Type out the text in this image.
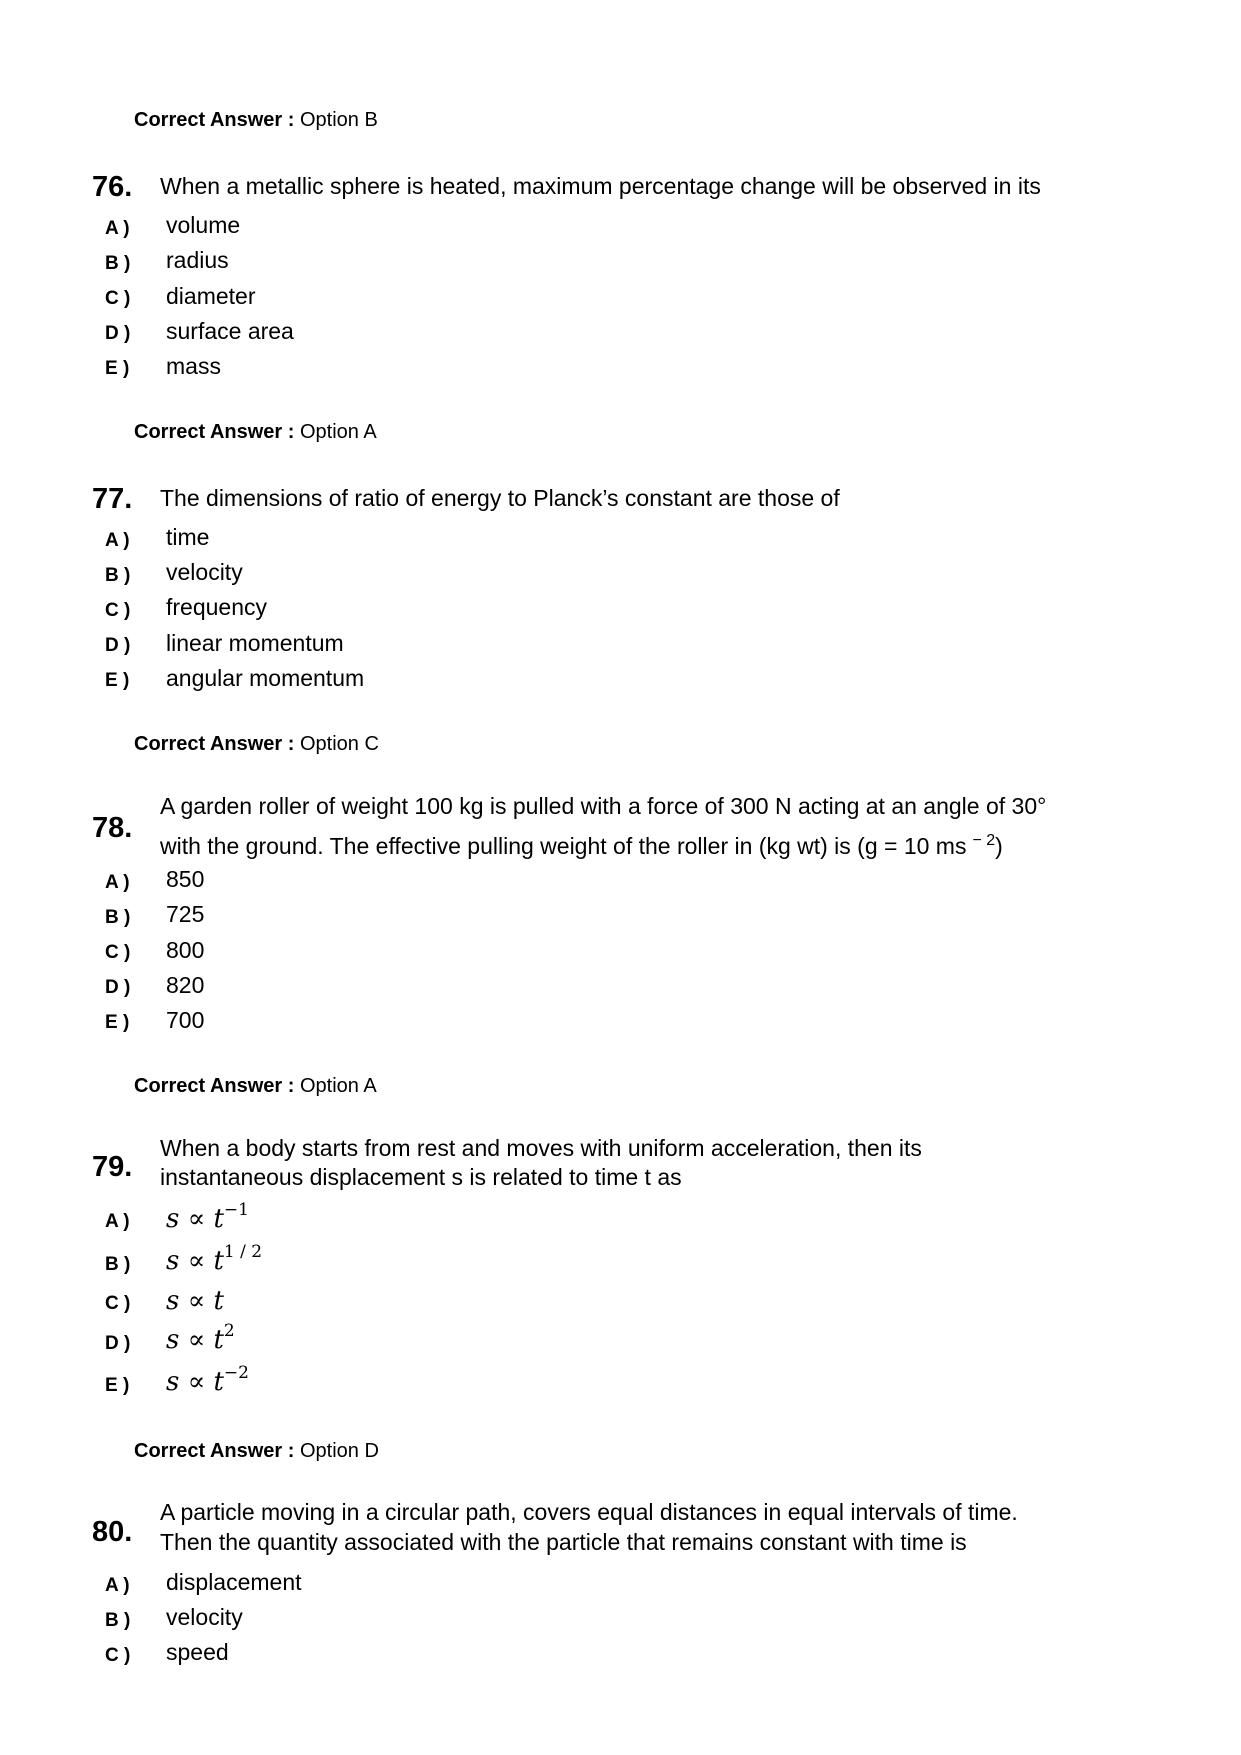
Correct Answer : Option B
76. When a metallic sphere is heated, maximum percentage change will be observed in its
A ) volume
B ) radius
C ) diameter
D ) surface area
E ) mass
Correct Answer : Option A
77. The dimensions of ratio of energy to Planck’s constant are those of
A ) time
B ) velocity
C ) frequency
D ) linear momentum
E ) angular momentum
Correct Answer : Option C
78.
A garden roller of weight 100 kg is pulled with a force of 300 N acting at an angle of 30°
with the ground. The effective pulling weight of the roller in (kg wt) is (g = 10 ms $^{- 2}$)
A ) 850
B ) 725
C ) 800
D ) 820
E ) 700
Correct Answer : Option A
79.
When a body starts from rest and moves with uniform acceleration, then its
instantaneous displacement s is related to time t as
A ) $s \propto t^{-1}$
B ) $s \propto t^{1 / 2}$
C ) s ∝ t
D ) $s \propto t^2$
E ) $s \propto t^{-2}$
Correct Answer : Option D
80.
A particle moving in a circular path, covers equal distances in equal intervals of time.
Then the quantity associated with the particle that remains constant with time is
A ) displacement
B ) velocity
C ) speed
